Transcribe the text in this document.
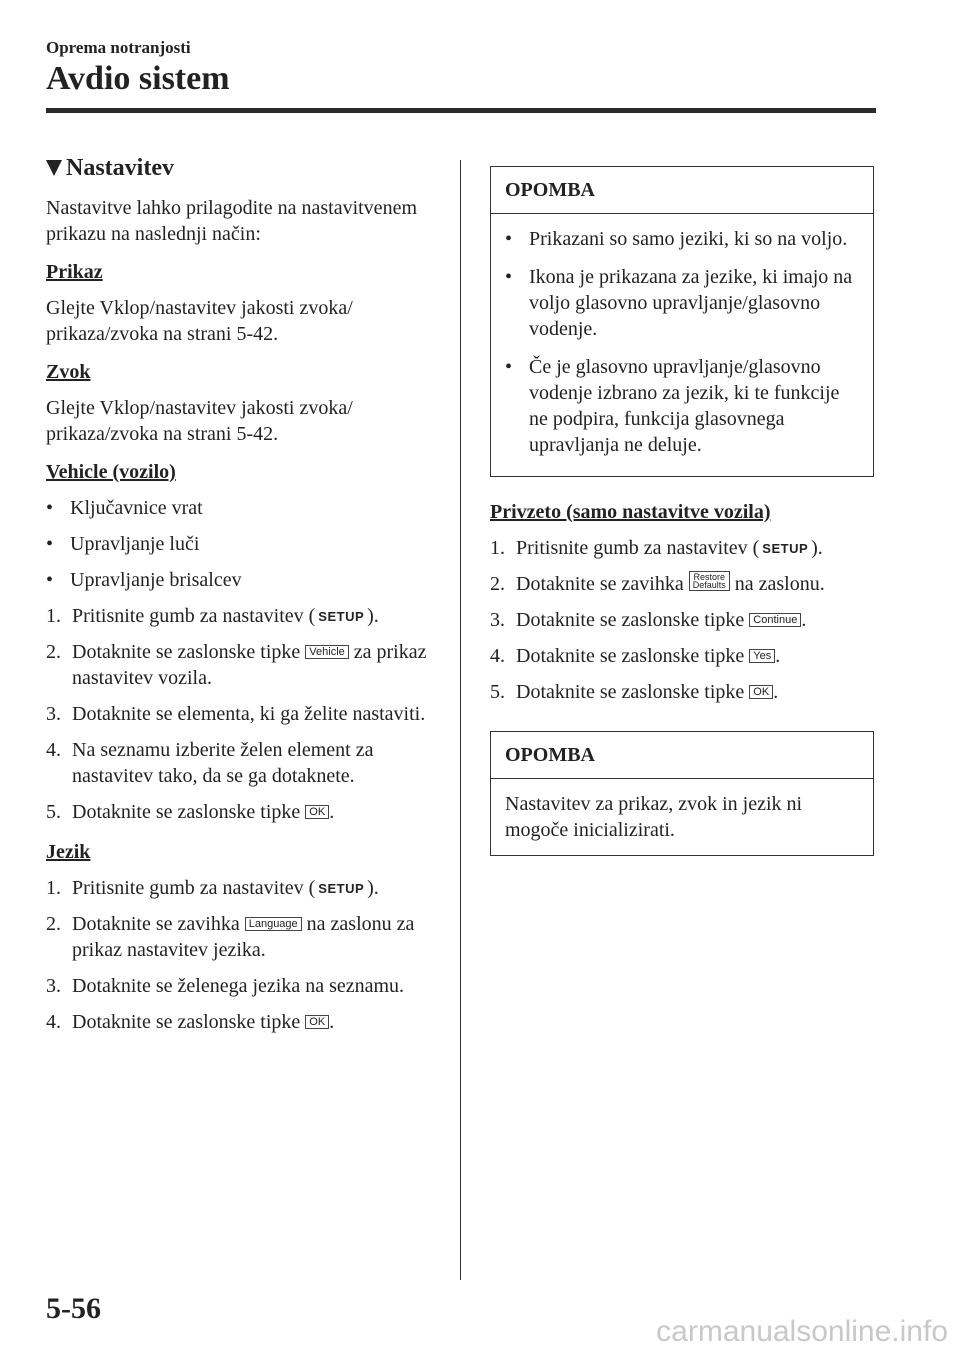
Oprema notranjosti
Avdio sistem
Nastavitev

Nastavitve lahko prilagodite na nastavitvenem prikazu na naslednji način:

Prikaz

Glejte Vklop/nastavitev jakosti zvoka/ prikaza/zvoka na strani 5-42.

Zvok

Glejte Vklop/nastavitev jakosti zvoka/ prikaza/zvoka na strani 5-42.

Vehicle (vozilo)
• Ključavnice vrat
• Upravljanje luči
• Upravljanje brisalcev
1. Pritisnite gumb za nastavitev ( SETUP ).
2. Dotaknite se zaslonske tipke Vehicle za prikaz nastavitev vozila.
3. Dotaknite se elementa, ki ga želite nastaviti.
4. Na seznamu izberite želen element za nastavitev tako, da se ga dotaknete.
5. Dotaknite se zaslonske tipke OK .
Jezik
1. Pritisnite gumb za nastavitev ( SETUP ).
2. Dotaknite se zavihka Language na zaslonu za prikaz nastavitev jezika.
3. Dotaknite se želenega jezika na seznamu.
4. Dotaknite se zaslonske tipke OK .
OPOMBA
• Prikazani so samo jeziki, ki so na voljo.
• Ikona je prikazana za jezike, ki imajo na voljo glasovno upravljanje/glasovno vodenje.
• Če je glasovno upravljanje/glasovno vodenje izbrano za jezik, ki te funkcije ne podpira, funkcija glasovnega upravljanja ne deluje.
Privzeto (samo nastavitve vozila)
1. Pritisnite gumb za nastavitev ( SETUP ).
2. Dotaknite se zavihka Restore
Defaults na zaslonu.
3. Dotaknite se zaslonske tipke Continue .
4. Dotaknite se zaslonske tipke Yes .
5. Dotaknite se zaslonske tipke OK .
OPOMBA
Nastavitev za prikaz, zvok in jezik ni mogoče inicializirati.
5-56
carmanualsonline.info
